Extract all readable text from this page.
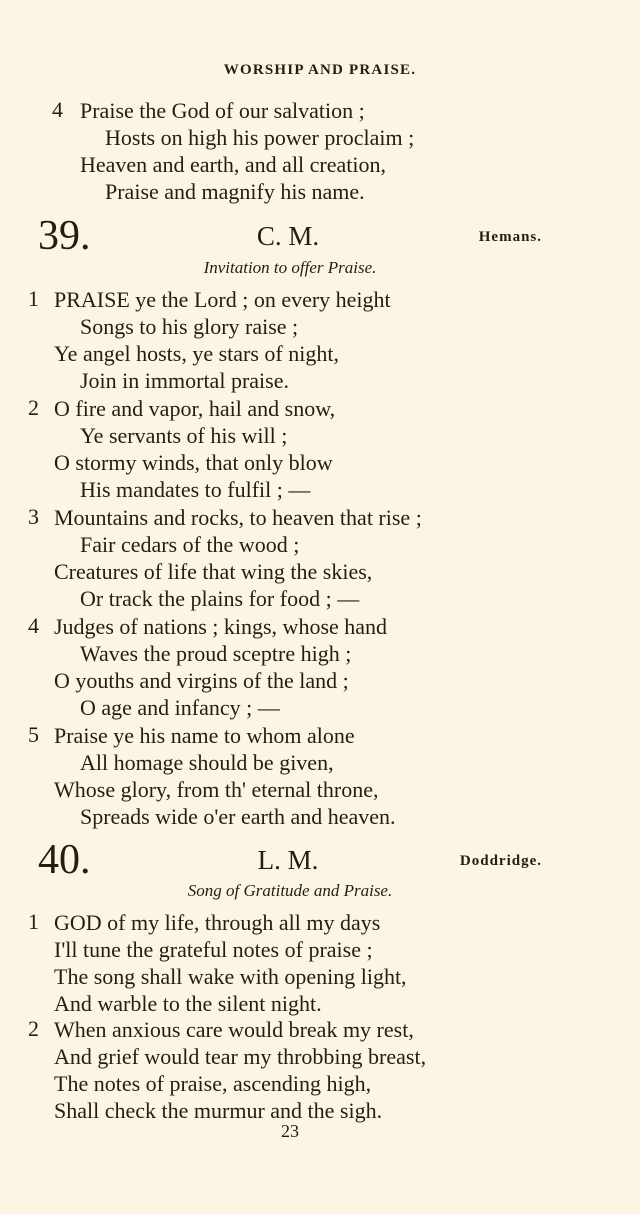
WORSHIP AND PRAISE.
4 Praise the God of our salvation ;
Hosts on high his power proclaim ;
Heaven and earth, and all creation,
Praise and magnify his name.
39.	C. M.	Hemans.
Invitation to offer Praise.
1 PRAISE ye the Lord ; on every height
Songs to his glory raise ;
Ye angel hosts, ye stars of night,
Join in immortal praise.
2 O fire and vapor, hail and snow,
Ye servants of his will ;
O stormy winds, that only blow
His mandates to fulfil ; —
3 Mountains and rocks, to heaven that rise ;
Fair cedars of the wood ;
Creatures of life that wing the skies,
Or track the plains for food ; —
4 Judges of nations ; kings, whose hand
Waves the proud sceptre high ;
O youths and virgins of the land ;
O age and infancy ; —
5 Praise ye his name to whom alone
All homage should be given,
Whose glory, from th' eternal throne,
Spreads wide o'er earth and heaven.
40.	L. M.	Doddridge.
Song of Gratitude and Praise.
1 GOD of my life, through all my days
I'll tune the grateful notes of praise ;
The song shall wake with opening light,
And warble to the silent night.
2 When anxious care would break my rest,
And grief would tear my throbbing breast,
The notes of praise, ascending high,
Shall check the murmur and the sigh.
23
